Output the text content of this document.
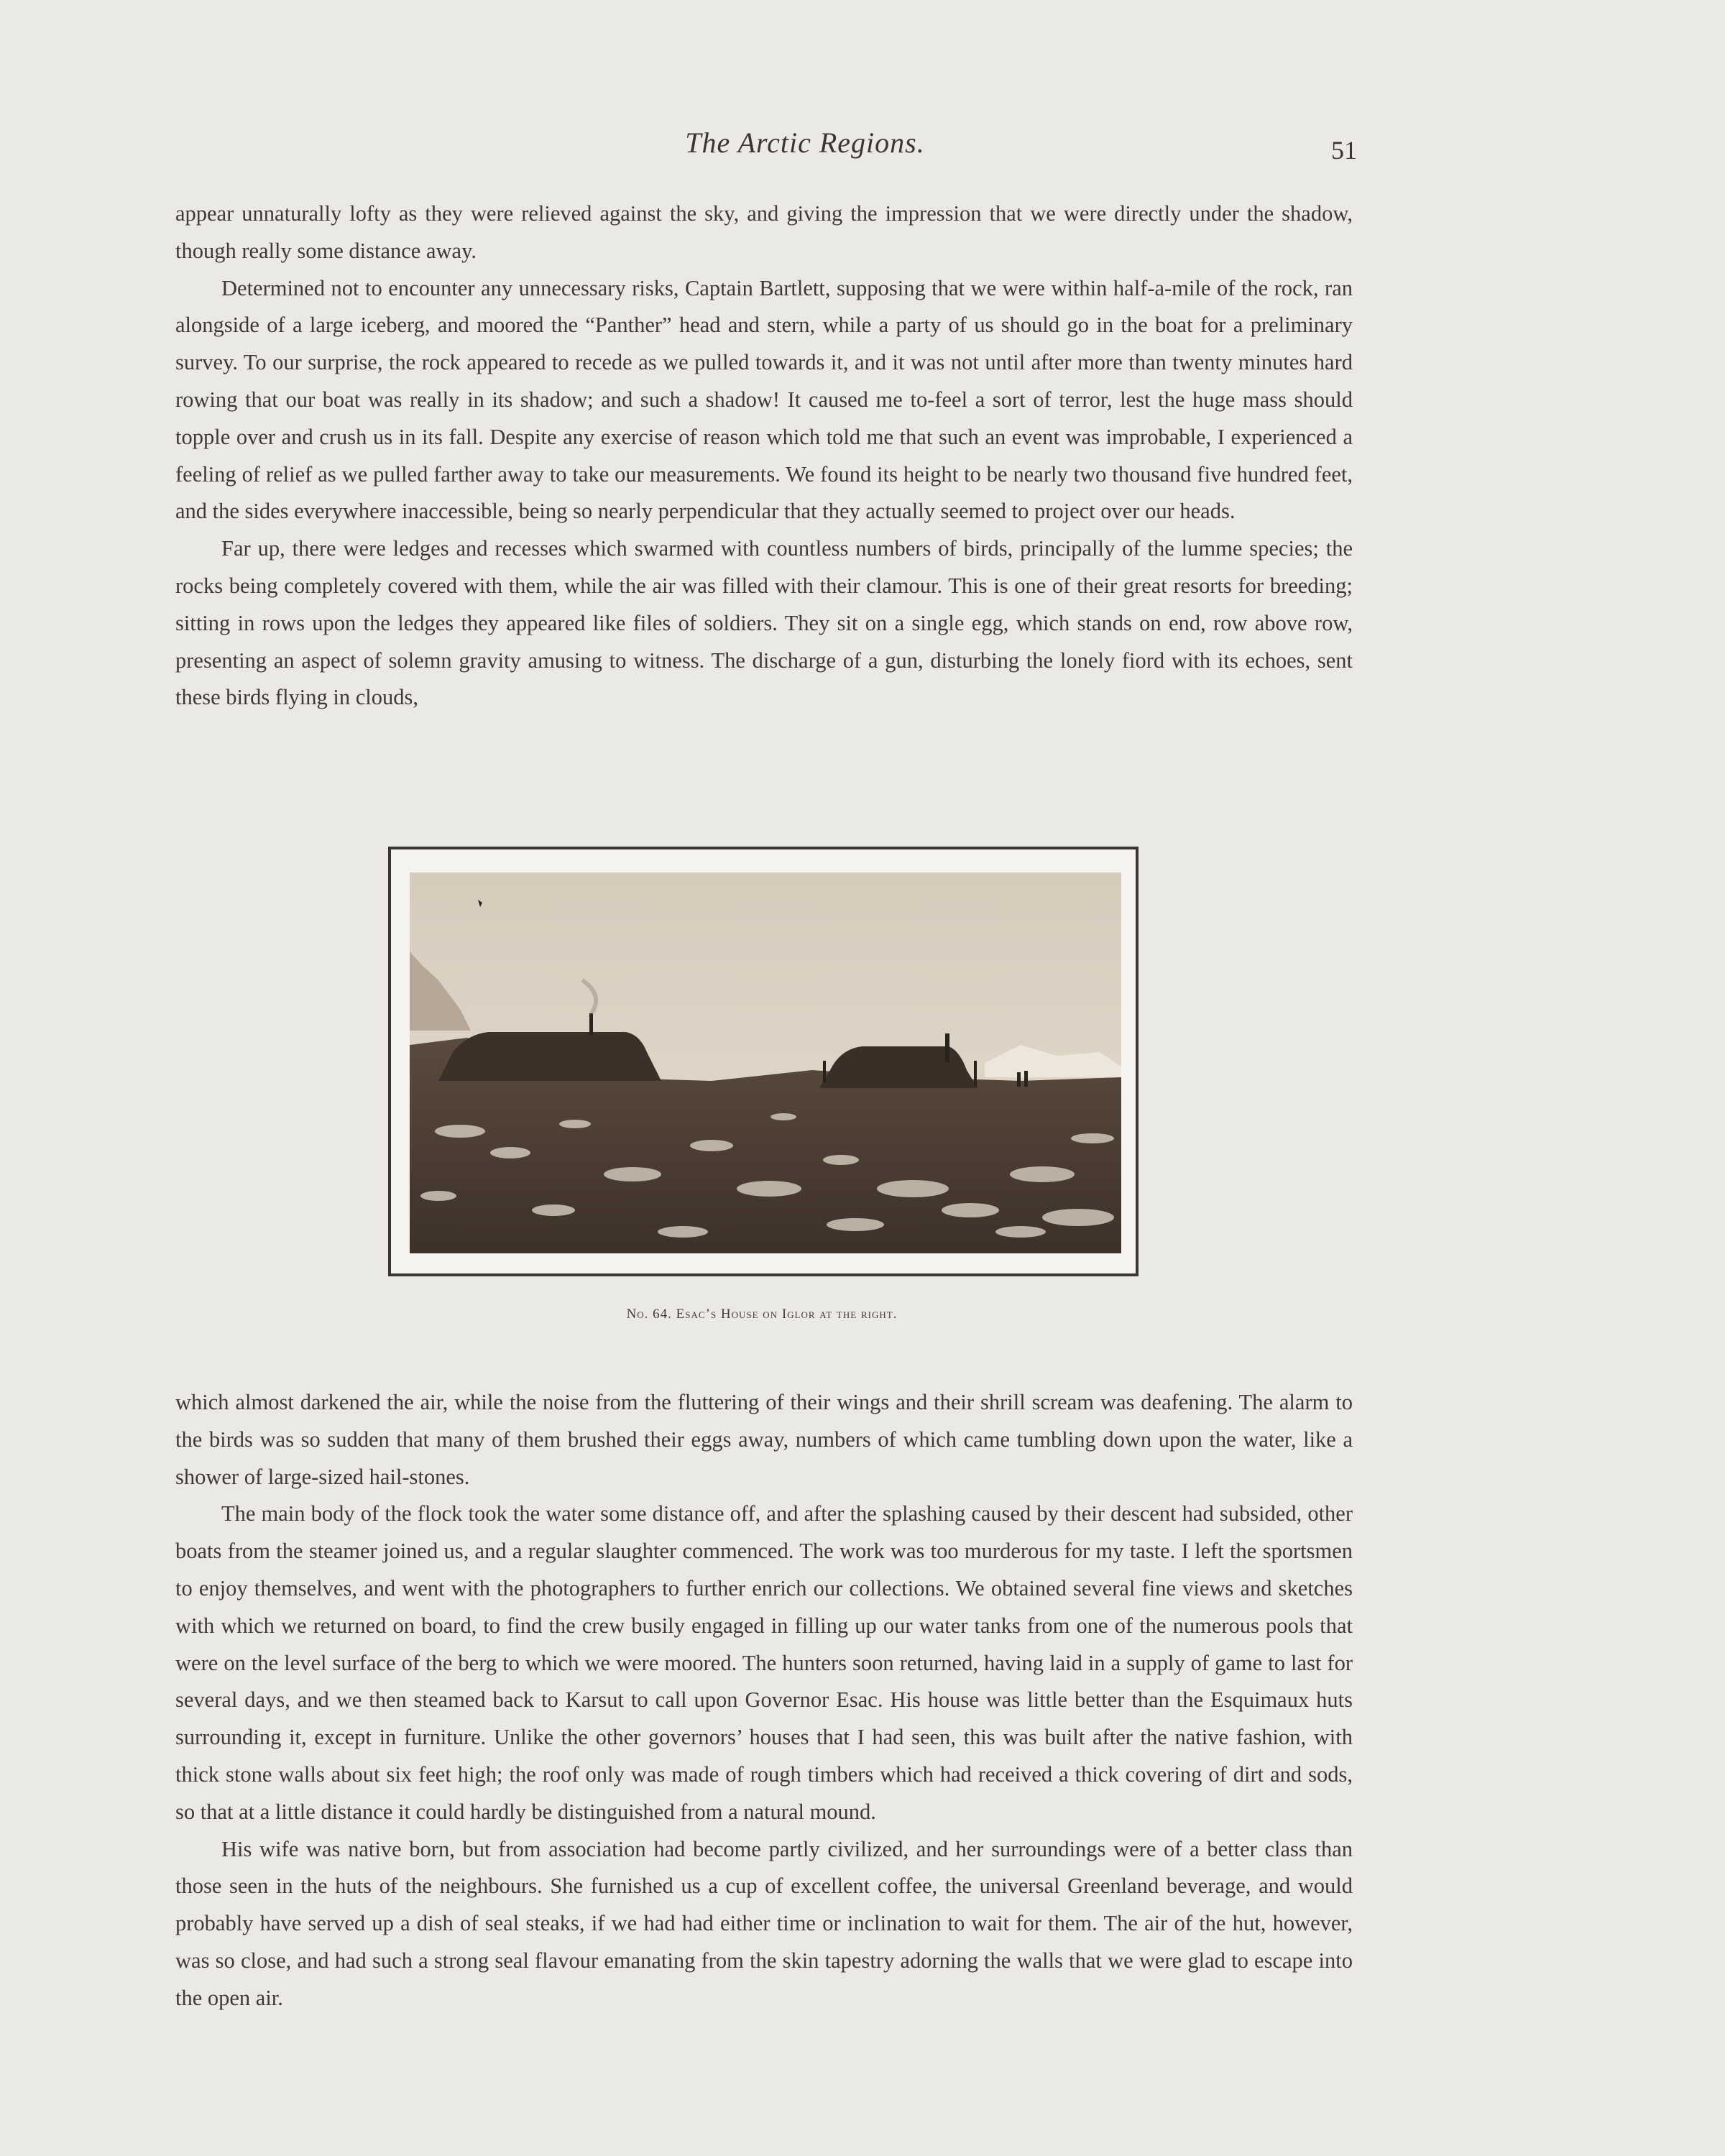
The Arctic Regions.	51

appear unnaturally lofty as they were relieved against the sky, and giving the impression that we were directly under the shadow, though really some distance away.

Determined not to encounter any unnecessary risks, Captain Bartlett, supposing that we were within half-a-mile of the rock, ran alongside of a large iceberg, and moored the “Panther” head and stern, while a party of us should go in the boat for a preliminary survey. To our surprise, the rock appeared to recede as we pulled towards it, and it was not until after more than twenty minutes hard rowing that our boat was really in its shadow; and such a shadow! It caused me to-feel a sort of terror, lest the huge mass should topple over and crush us in its fall. Despite any exercise of reason which told me that such an event was improbable, I experienced a feeling of relief as we pulled farther away to take our measurements. We found its height to be nearly two thousand five hundred feet, and the sides everywhere inaccessible, being so nearly perpendicular that they actually seemed to project over our heads.

Far up, there were ledges and recesses which swarmed with countless numbers of birds, principally of the lumme species; the rocks being completely covered with them, while the air was filled with their clamour. This is one of their great resorts for breeding; sitting in rows upon the ledges they appeared like files of soldiers. They sit on a single egg, which stands on end, row above row, presenting an aspect of solemn gravity amusing to witness. The discharge of a gun, disturbing the lonely fiord with its echoes, sent these birds flying in clouds,

No. 64. Esac’s House on Iglor at the right.

which almost darkened the air, while the noise from the fluttering of their wings and their shrill scream was deafening. The alarm to the birds was so sudden that many of them brushed their eggs away, numbers of which came tumbling down upon the water, like a shower of large-sized hail-stones.

The main body of the flock took the water some distance off, and after the splashing caused by their descent had subsided, other boats from the steamer joined us, and a regular slaughter commenced. The work was too murderous for my taste. I left the sportsmen to enjoy themselves, and went with the photographers to further enrich our collections. We obtained several fine views and sketches with which we returned on board, to find the crew busily engaged in filling up our water tanks from one of the numerous pools that were on the level surface of the berg to which we were moored. The hunters soon returned, having laid in a supply of game to last for several days, and we then steamed back to Karsut to call upon Governor Esac. His house was little better than the Esquimaux huts surrounding it, except in furniture. Unlike the other governors’ houses that I had seen, this was built after the native fashion, with thick stone walls about six feet high; the roof only was made of rough timbers which had received a thick covering of dirt and sods, so that at a little distance it could hardly be distinguished from a natural mound.

His wife was native born, but from association had become partly civilized, and her surroundings were of a better class than those seen in the huts of the neighbours. She furnished us a cup of excellent coffee, the universal Greenland beverage, and would probably have served up a dish of seal steaks, if we had had either time or inclination to wait for them. The air of the hut, however, was so close, and had such a strong seal flavour emanating from the skin tapestry adorning the walls that we were glad to escape into the open air.
